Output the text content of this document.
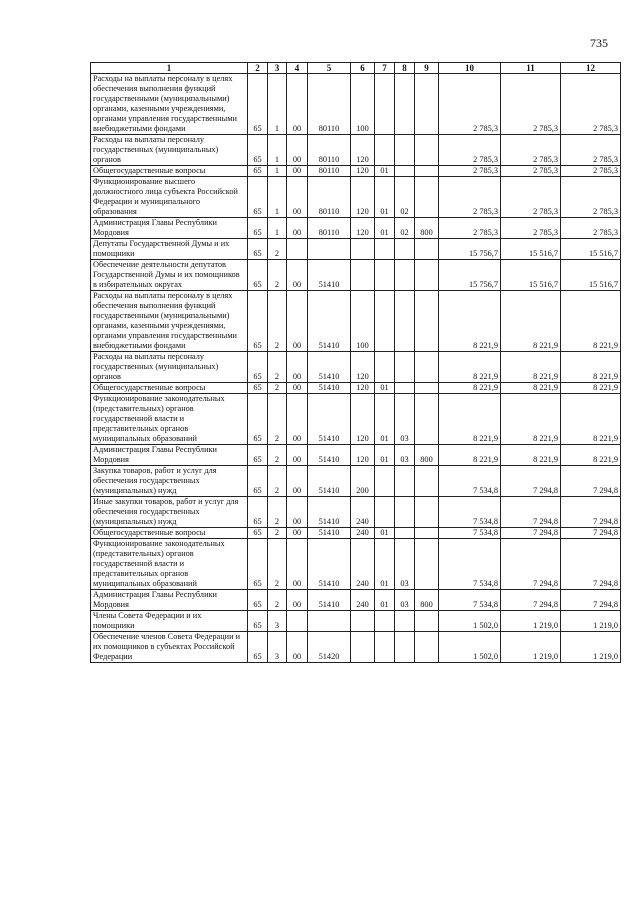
735
1	2	3	4	5	6	7	8	9	10	11	12
Расходы на выплаты персоналу в целях обеспечения выполнения функций государственными (муниципальными) органами, казенными учреждениями, органами управления государственными внебюджетными фондами	65	1	00	80110	100				2 785,3	2 785,3	2 785,3
Расходы на выплаты персоналу государственных (муниципальных) органов	65	1	00	80110	120				2 785,3	2 785,3	2 785,3
Общегосударственные вопросы	65	1	00	80110	120	01			2 785,3	2 785,3	2 785,3
Функционирование высшего должностного лица субъекта Российской Федерации и муниципального образования	65	1	00	80110	120	01	02		2 785,3	2 785,3	2 785,3
Администрация Главы Республики Мордовия	65	1	00	80110	120	01	02	800	2 785,3	2 785,3	2 785,3
Депутаты Государственной Думы и их помощники	65	2							15 756,7	15 516,7	15 516,7
Обеспечение деятельности депутатов Государственной Думы и их помощников в избирательных округах	65	2	00	51410					15 756,7	15 516,7	15 516,7
Расходы на выплаты персоналу в целях обеспечения выполнения функций государственными (муниципальными) органами, казенными учреждениями, органами управления государственными внебюджетными фондами	65	2	00	51410	100				8 221,9	8 221,9	8 221,9
Расходы на выплаты персоналу государственных (муниципальных) органов	65	2	00	51410	120				8 221,9	8 221,9	8 221,9
Общегосударственные вопросы	65	2	00	51410	120	01			8 221,9	8 221,9	8 221,9
Функционирование законодательных (представительных) органов государственной власти и представительных органов муниципальных образований	65	2	00	51410	120	01	03		8 221,9	8 221,9	8 221,9
Администрация Главы Республики Мордовия	65	2	00	51410	120	01	03	800	8 221,9	8 221,9	8 221,9
Закупка товаров, работ и услуг для обеспечения государственных (муниципальных) нужд	65	2	00	51410	200				7 534,8	7 294,8	7 294,8
Иные закупки товаров, работ и услуг для обеспечения государственных (муниципальных) нужд	65	2	00	51410	240				7 534,8	7 294,8	7 294,8
Общегосударственные вопросы	65	2	00	51410	240	01			7 534,8	7 294,8	7 294,8
Функционирование законодательных (представительных) органов государственной власти и представительных органов муниципальных образований	65	2	00	51410	240	01	03		7 534,8	7 294,8	7 294,8
Администрация Главы Республики Мордовия	65	2	00	51410	240	01	03	800	7 534,8	7 294,8	7 294,8
Члены Совета Федерации и их помощники	65	3							1 502,0	1 219,0	1 219,0
Обеспечение членов Совета Федерации и их помощников в субъектах Российской Федерации	65	3	00	51420					1 502,0	1 219,0	1 219,0
